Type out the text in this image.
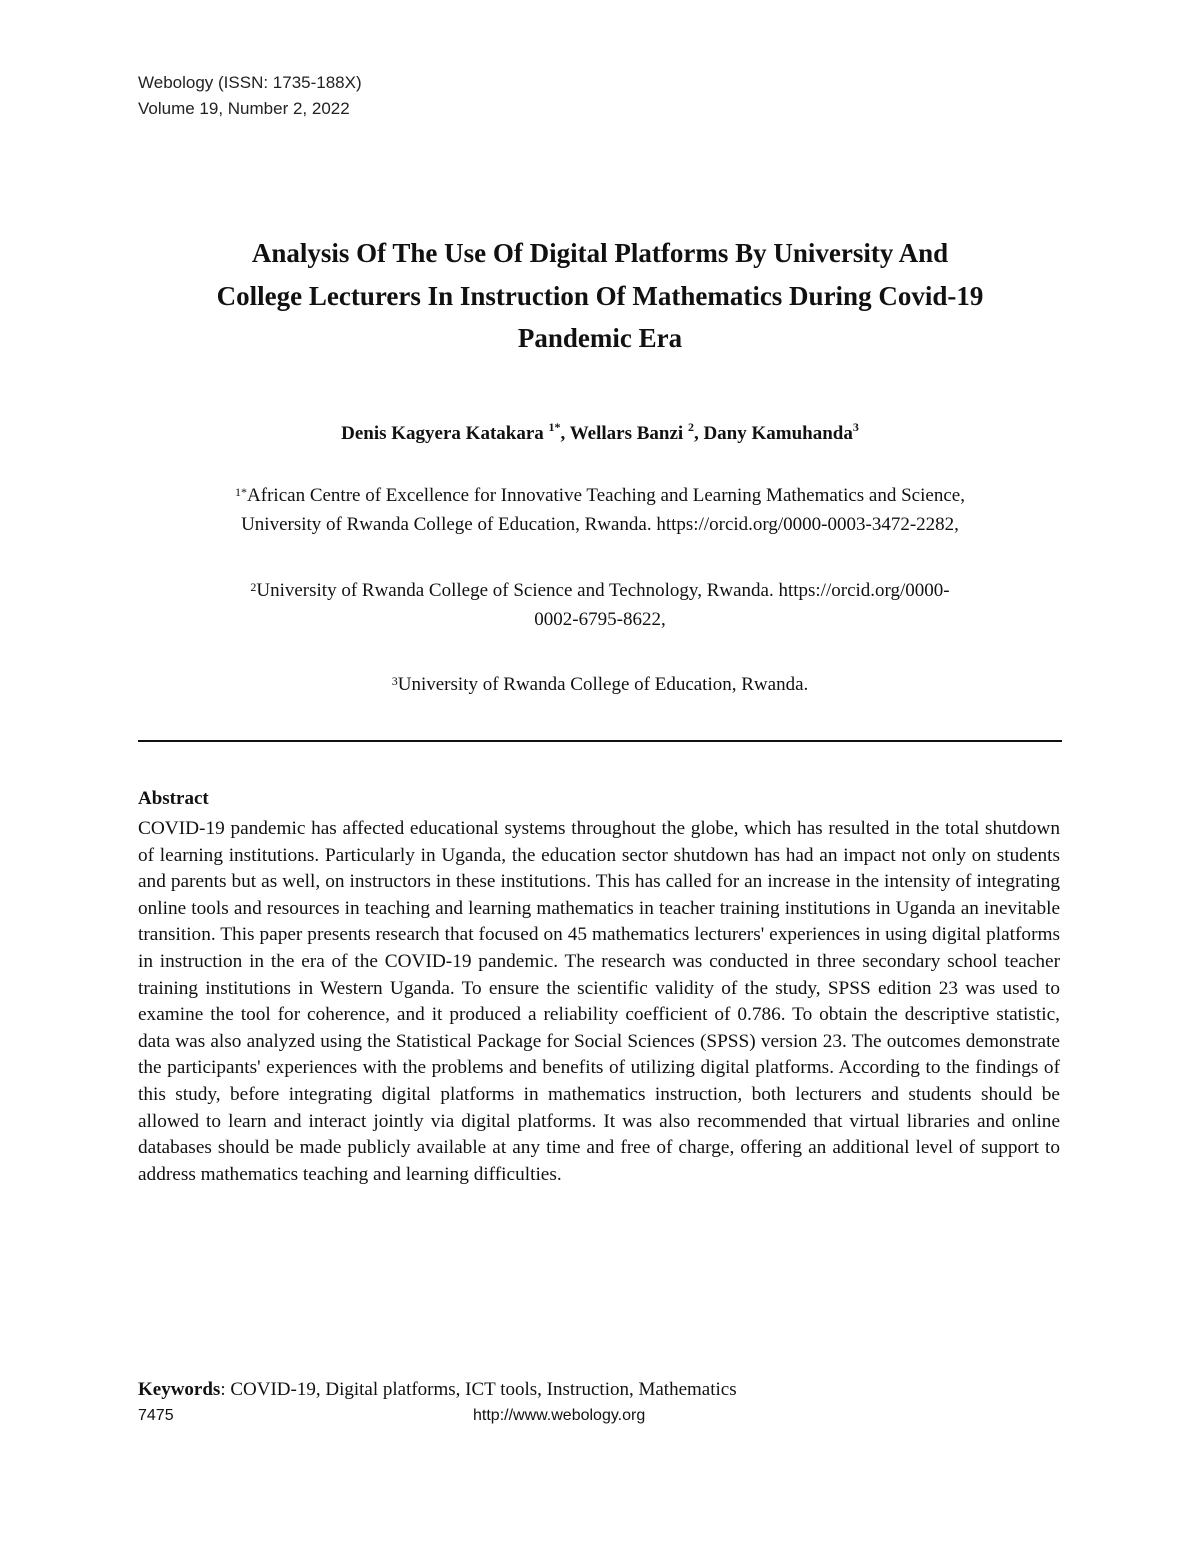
Webology (ISSN: 1735-188X)
Volume 19, Number 2, 2022
Analysis Of The Use Of Digital Platforms By University And
College Lecturers In Instruction Of Mathematics During Covid-19
Pandemic Era
Denis Kagyera Katakara $^{1*}$, Wellars Banzi $^2$, Dany Kamuhanda$^3$
$^{1*}$African Centre of Excellence for Innovative Teaching and Learning Mathematics and Science,
University of Rwanda College of Education, Rwanda. https://orcid.org/0000-0003-3472-2282,
$^2$University of Rwanda College of Science and Technology, Rwanda. https://orcid.org/0000-
0002-6795-8622,
$^3$University of Rwanda College of Education, Rwanda.
Abstract
COVID-19 pandemic has affected educational systems throughout the globe, which has resulted in the total shutdown of learning institutions. Particularly in Uganda, the education sector shutdown has had an impact not only on students and parents but as well, on instructors in these institutions. This has called for an increase in the intensity of integrating online tools and resources in teaching and learning mathematics in teacher training institutions in Uganda an inevitable transition. This paper presents research that focused on 45 mathematics lecturers' experiences in using digital platforms in instruction in the era of the COVID-19 pandemic. The research was conducted in three secondary school teacher training institutions in Western Uganda. To ensure the scientific validity of the study, SPSS edition 23 was used to examine the tool for coherence, and it produced a reliability coefficient of 0.786. To obtain the descriptive statistic, data was also analyzed using the Statistical Package for Social Sciences (SPSS) version 23. The outcomes demonstrate the participants' experiences with the problems and benefits of utilizing digital platforms. According to the findings of this study, before integrating digital platforms in mathematics instruction, both lecturers and students should be allowed to learn and interact jointly via digital platforms. It was also recommended that virtual libraries and online databases should be made publicly available at any time and free of charge, offering an additional level of support to address mathematics teaching and learning difficulties.
Keywords: COVID-19, Digital platforms, ICT tools, Instruction, Mathematics
7475	http://www.webology.org
